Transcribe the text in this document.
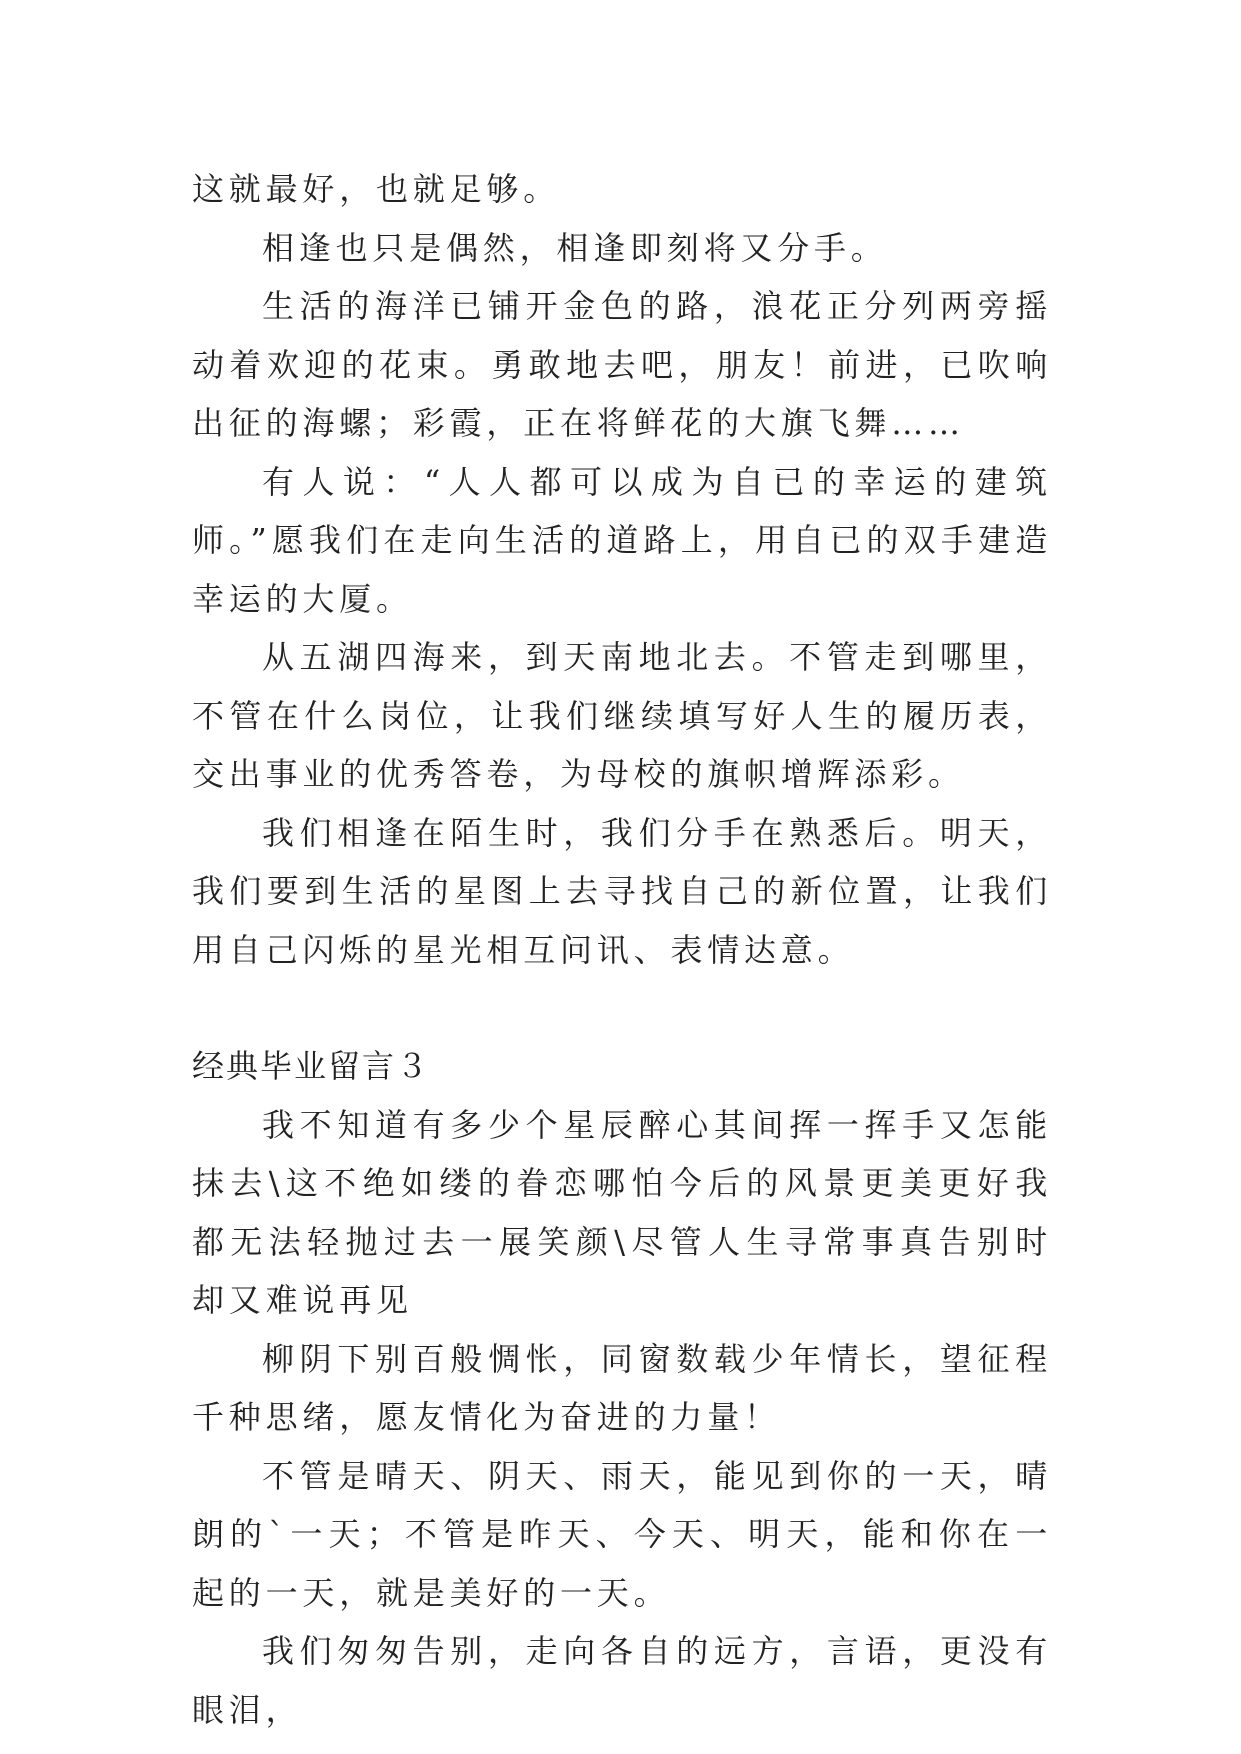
这就最好，也就足够。

相逢也只是偶然，相逢即刻将又分手。

生活的海洋已铺开金色的路，浪花正分列两旁摇动着欢迎的花束。勇敢地去吧，朋友！前进，已吹响出征的海螺；彩霞，正在将鲜花的大旗飞舞……

有人说：“人人都可以成为自已的幸运的建筑师。”愿我们在走向生活的道路上，用自已的双手建造幸运的大厦。

从五湖四海来，到天南地北去。不管走到哪里，不管在什么岗位，让我们继续填写好人生的履历表，交出事业的优秀答卷，为母校的旗帜增辉添彩。

我们相逢在陌生时，我们分手在熟悉后。明天，我们要到生活的星图上去寻找自己的新位置，让我们用自己闪烁的星光相互问讯、表情达意。

经典毕业留言３

我不知道有多少个星辰醉心其间挥一挥手又怎能抹去\这不绝如缕的眷恋哪怕今后的风景更美更好我都无法轻抛过去一展笑颜\尽管人生寻常事真告别时却又难说再见

柳阴下别百般惆怅，同窗数载少年情长，望征程千种思绪，愿友情化为奋进的力量！

不管是晴天、阴天、雨天，能见到你的一天，晴朗的`一天；不管是昨天、今天、明天，能和你在一起的一天，就是美好的一天。

我们匆匆告别，走向各自的远方，言语，更没有眼泪，
